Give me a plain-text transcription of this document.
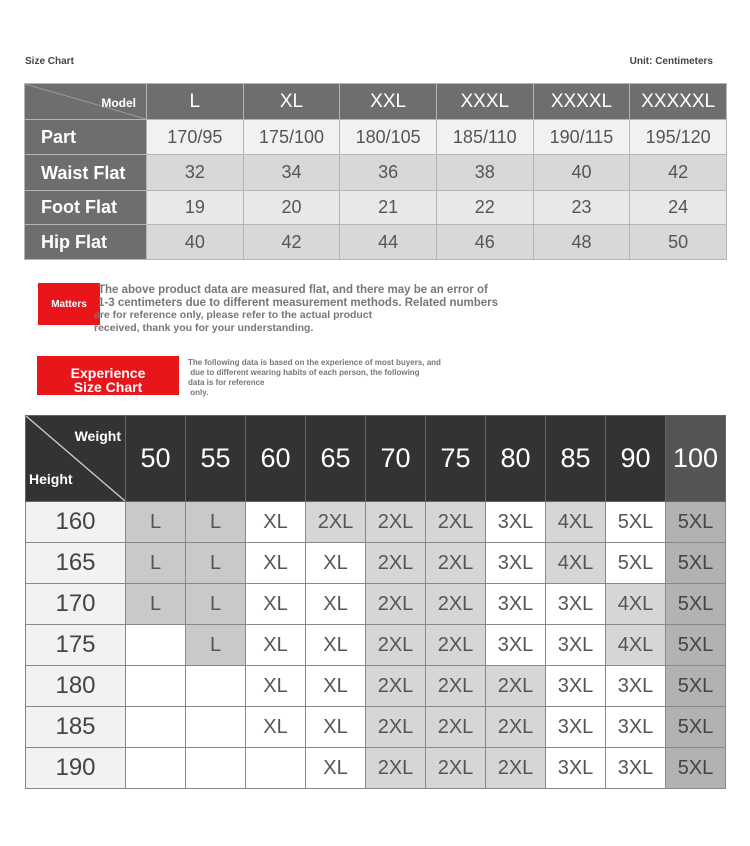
Size Chart	Unit: Centimeters
Model	L	XL	XXL	XXXL	XXXXL	XXXXXL
Part	170/95	175/100	180/105	185/110	190/115	195/120
Waist Flat	32	34	36	38	40	42
Foot Flat	19	20	21	22	23	24
Hip Flat	40	42	44	46	48	50
Matters
The above product data are measured flat, and there may be an error of
1-3 centimeters due to different measurement methods. Related numbers
are for reference only, please refer to the actual product
received, thank you for your understanding.
Experience
Size Chart
The following data is based on the experience of most buyers, and
due to different wearing habits of each person, the following
data is for reference
only.
Weight
Height	50	55	60	65	70	75	80	85	90	100
160	L	L	XL	2XL	2XL	2XL	3XL	4XL	5XL	5XL
165	L	L	XL	XL	2XL	2XL	3XL	4XL	5XL	5XL
170	L	L	XL	XL	2XL	2XL	3XL	3XL	4XL	5XL
175		L	XL	XL	2XL	2XL	3XL	3XL	4XL	5XL
180			XL	XL	2XL	2XL	2XL	3XL	3XL	5XL
185			XL	XL	2XL	2XL	2XL	3XL	3XL	5XL
190				XL	2XL	2XL	2XL	3XL	3XL	5XL
